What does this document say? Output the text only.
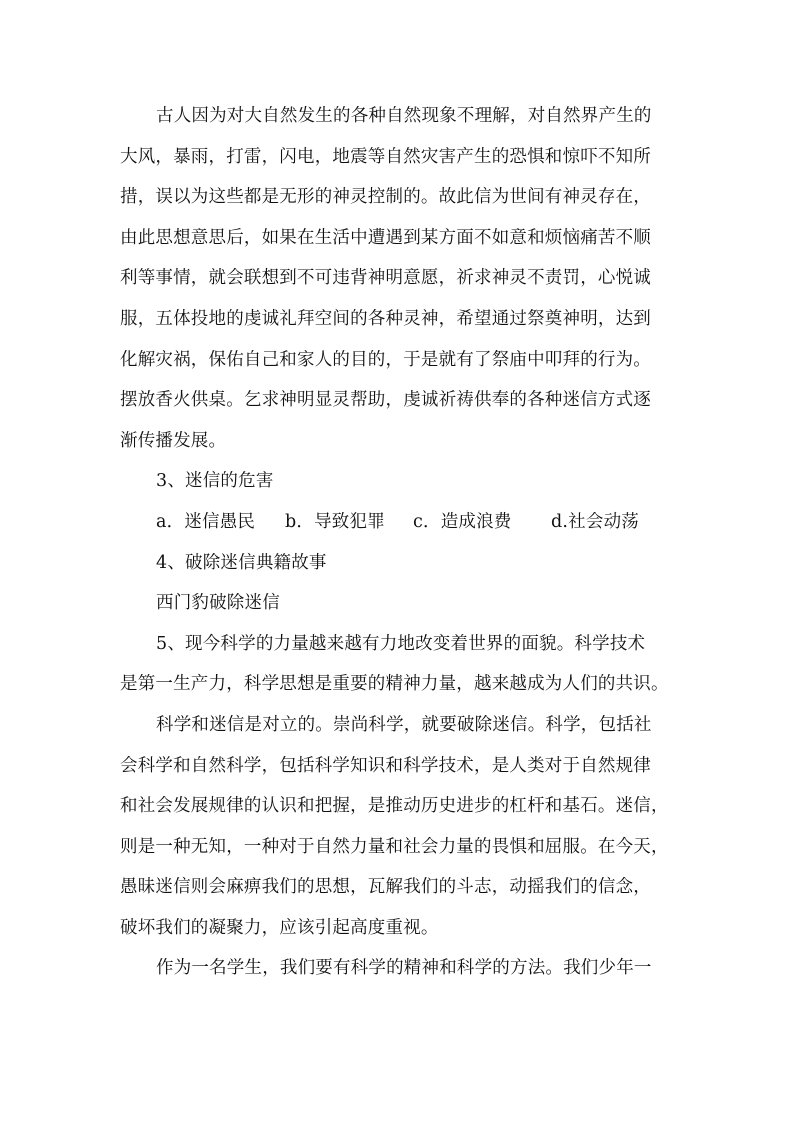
古人因为对大自然发生的各种自然现象不理解，对自然界产生的
大风，暴雨，打雷，闪电，地震等自然灾害产生的恐惧和惊吓不知所
措，误以为这些都是无形的神灵控制的。故此信为世间有神灵存在，
由此思想意思后，如果在生活中遭遇到某方面不如意和烦恼痛苦不顺
利等事情，就会联想到不可违背神明意愿，祈求神灵不责罚，心悦诚
服，五体投地的虔诚礼拜空间的各种灵神，希望通过祭奠神明，达到
化解灾祸，保佑自己和家人的目的，于是就有了祭庙中叩拜的行为。
摆放香火供桌。乞求神明显灵帮助，虔诚祈祷供奉的各种迷信方式逐
渐传播发展。
3、迷信的危害
a．迷信愚民 b．导致犯罪 c．造成浪费 d.社会动荡
4、破除迷信典籍故事
西门豹破除迷信
5、现今科学的力量越来越有力地改变着世界的面貌。科学技术
是第一生产力，科学思想是重要的精神力量，越来越成为人们的共识。
科学和迷信是对立的。崇尚科学，就要破除迷信。科学，包括社
会科学和自然科学，包括科学知识和科学技术，是人类对于自然规律
和社会发展规律的认识和把握，是推动历史进步的杠杆和基石。迷信，
则是一种无知，一种对于自然力量和社会力量的畏惧和屈服。在今天，
愚昧迷信则会麻痹我们的思想，瓦解我们的斗志，动摇我们的信念，
破坏我们的凝聚力，应该引起高度重视。
作为一名学生，我们要有科学的精神和科学的方法。我们少年一
